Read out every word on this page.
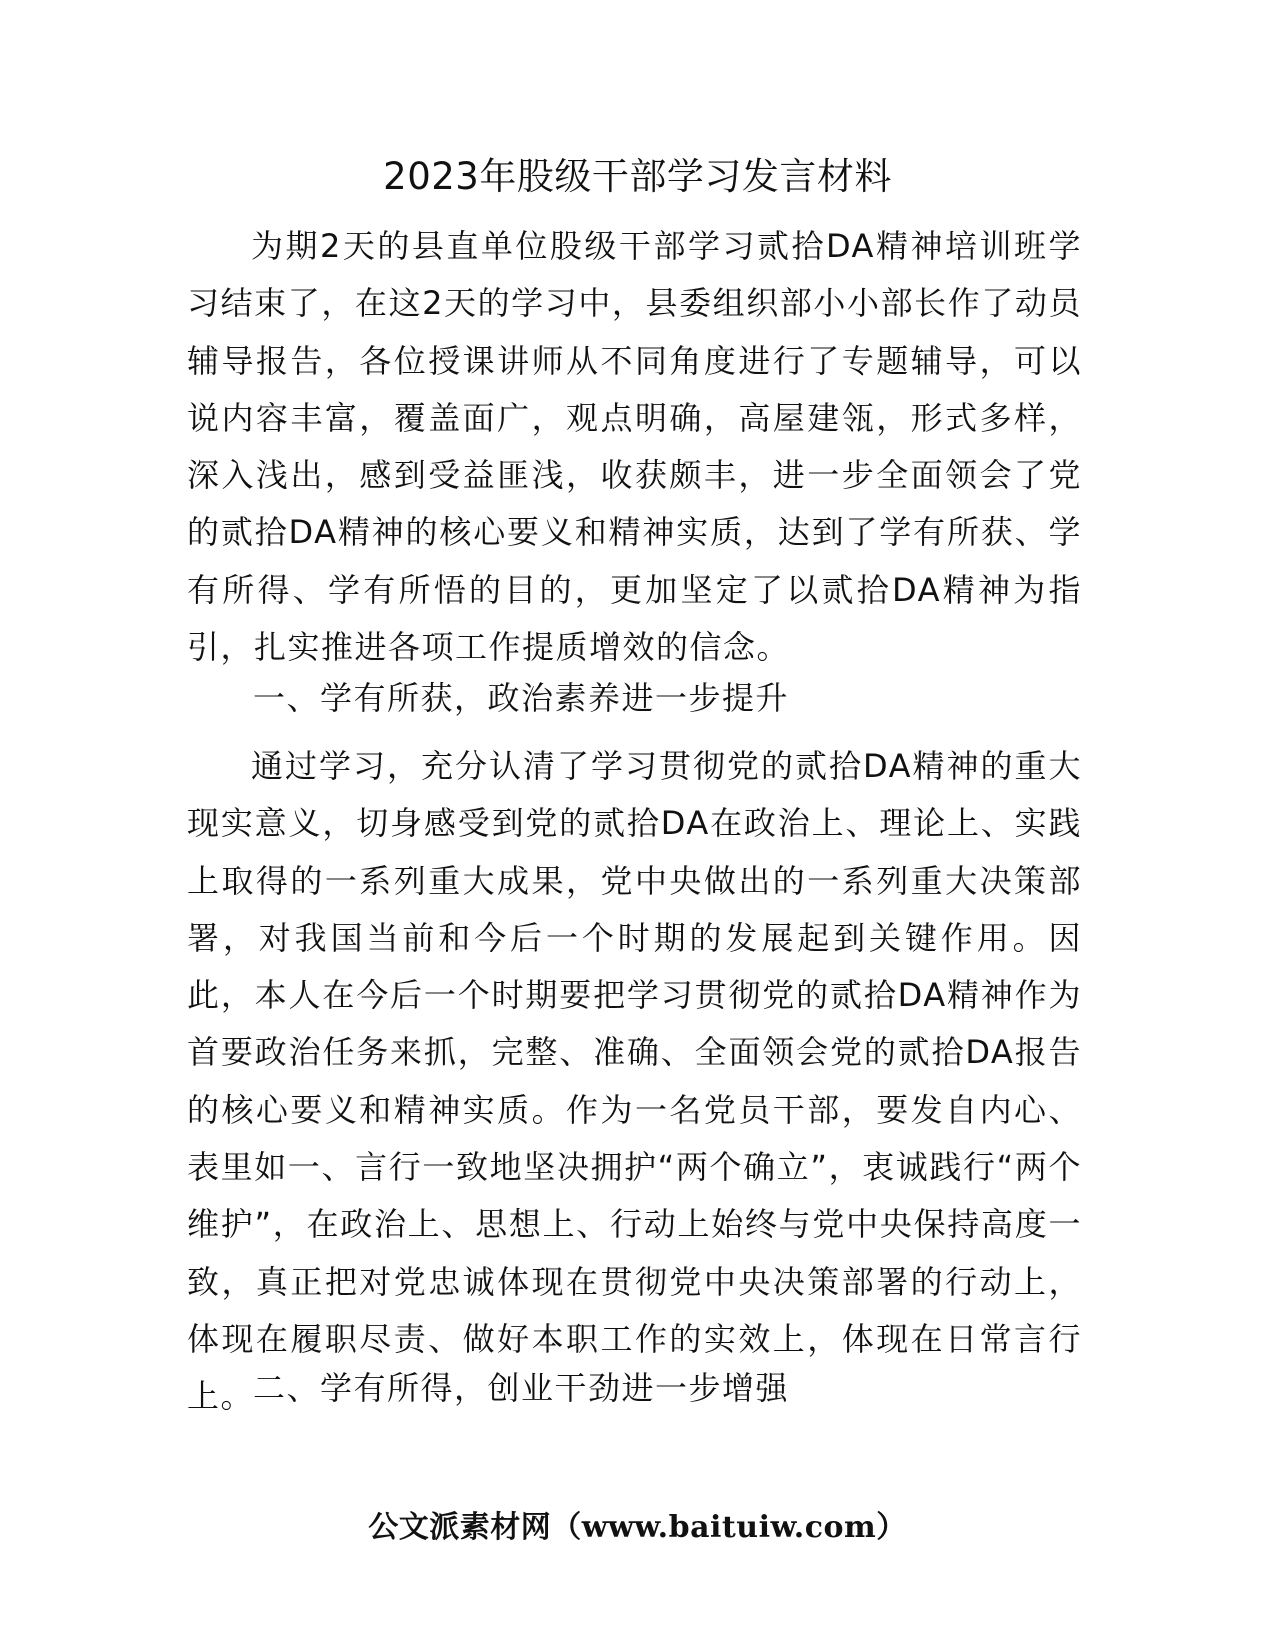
2023年股级干部学习发言材料

为期2天的县直单位股级干部学习贰拾DA精神培训班学习结束了，在这2天的学习中，县委组织部小小部长作了动员辅导报告，各位授课讲师从不同角度进行了专题辅导，可以说内容丰富，覆盖面广，观点明确，高屋建瓴，形式多样，深入浅出，感到受益匪浅，收获颇丰，进一步全面领会了党的贰拾DA精神的核心要义和精神实质，达到了学有所获、学有所得、学有所悟的目的，更加坚定了以贰拾DA精神为指引，扎实推进各项工作提质增效的信念。

一、学有所获，政治素养进一步提升

通过学习，充分认清了学习贯彻党的贰拾DA精神的重大现实意义，切身感受到党的贰拾DA在政治上、理论上、实践上取得的一系列重大成果，党中央做出的一系列重大决策部署，对我国当前和今后一个时期的发展起到关键作用。因此，本人在今后一个时期要把学习贯彻党的贰拾DA精神作为首要政治任务来抓，完整、准确、全面领会党的贰拾DA报告的核心要义和精神实质。作为一名党员干部，要发自内心、表里如一、言行一致地坚决拥护“两个确立”，衷诚践行“两个维护”，在政治上、思想上、行动上始终与党中央保持高度一致，真正把对党忠诚体现在贯彻党中央决策部署的行动上，体现在履职尽责、做好本职工作的实效上，体现在日常言行上。

二、学有所得，创业干劲进一步增强

公文派素材网（www.baituiw.com）
